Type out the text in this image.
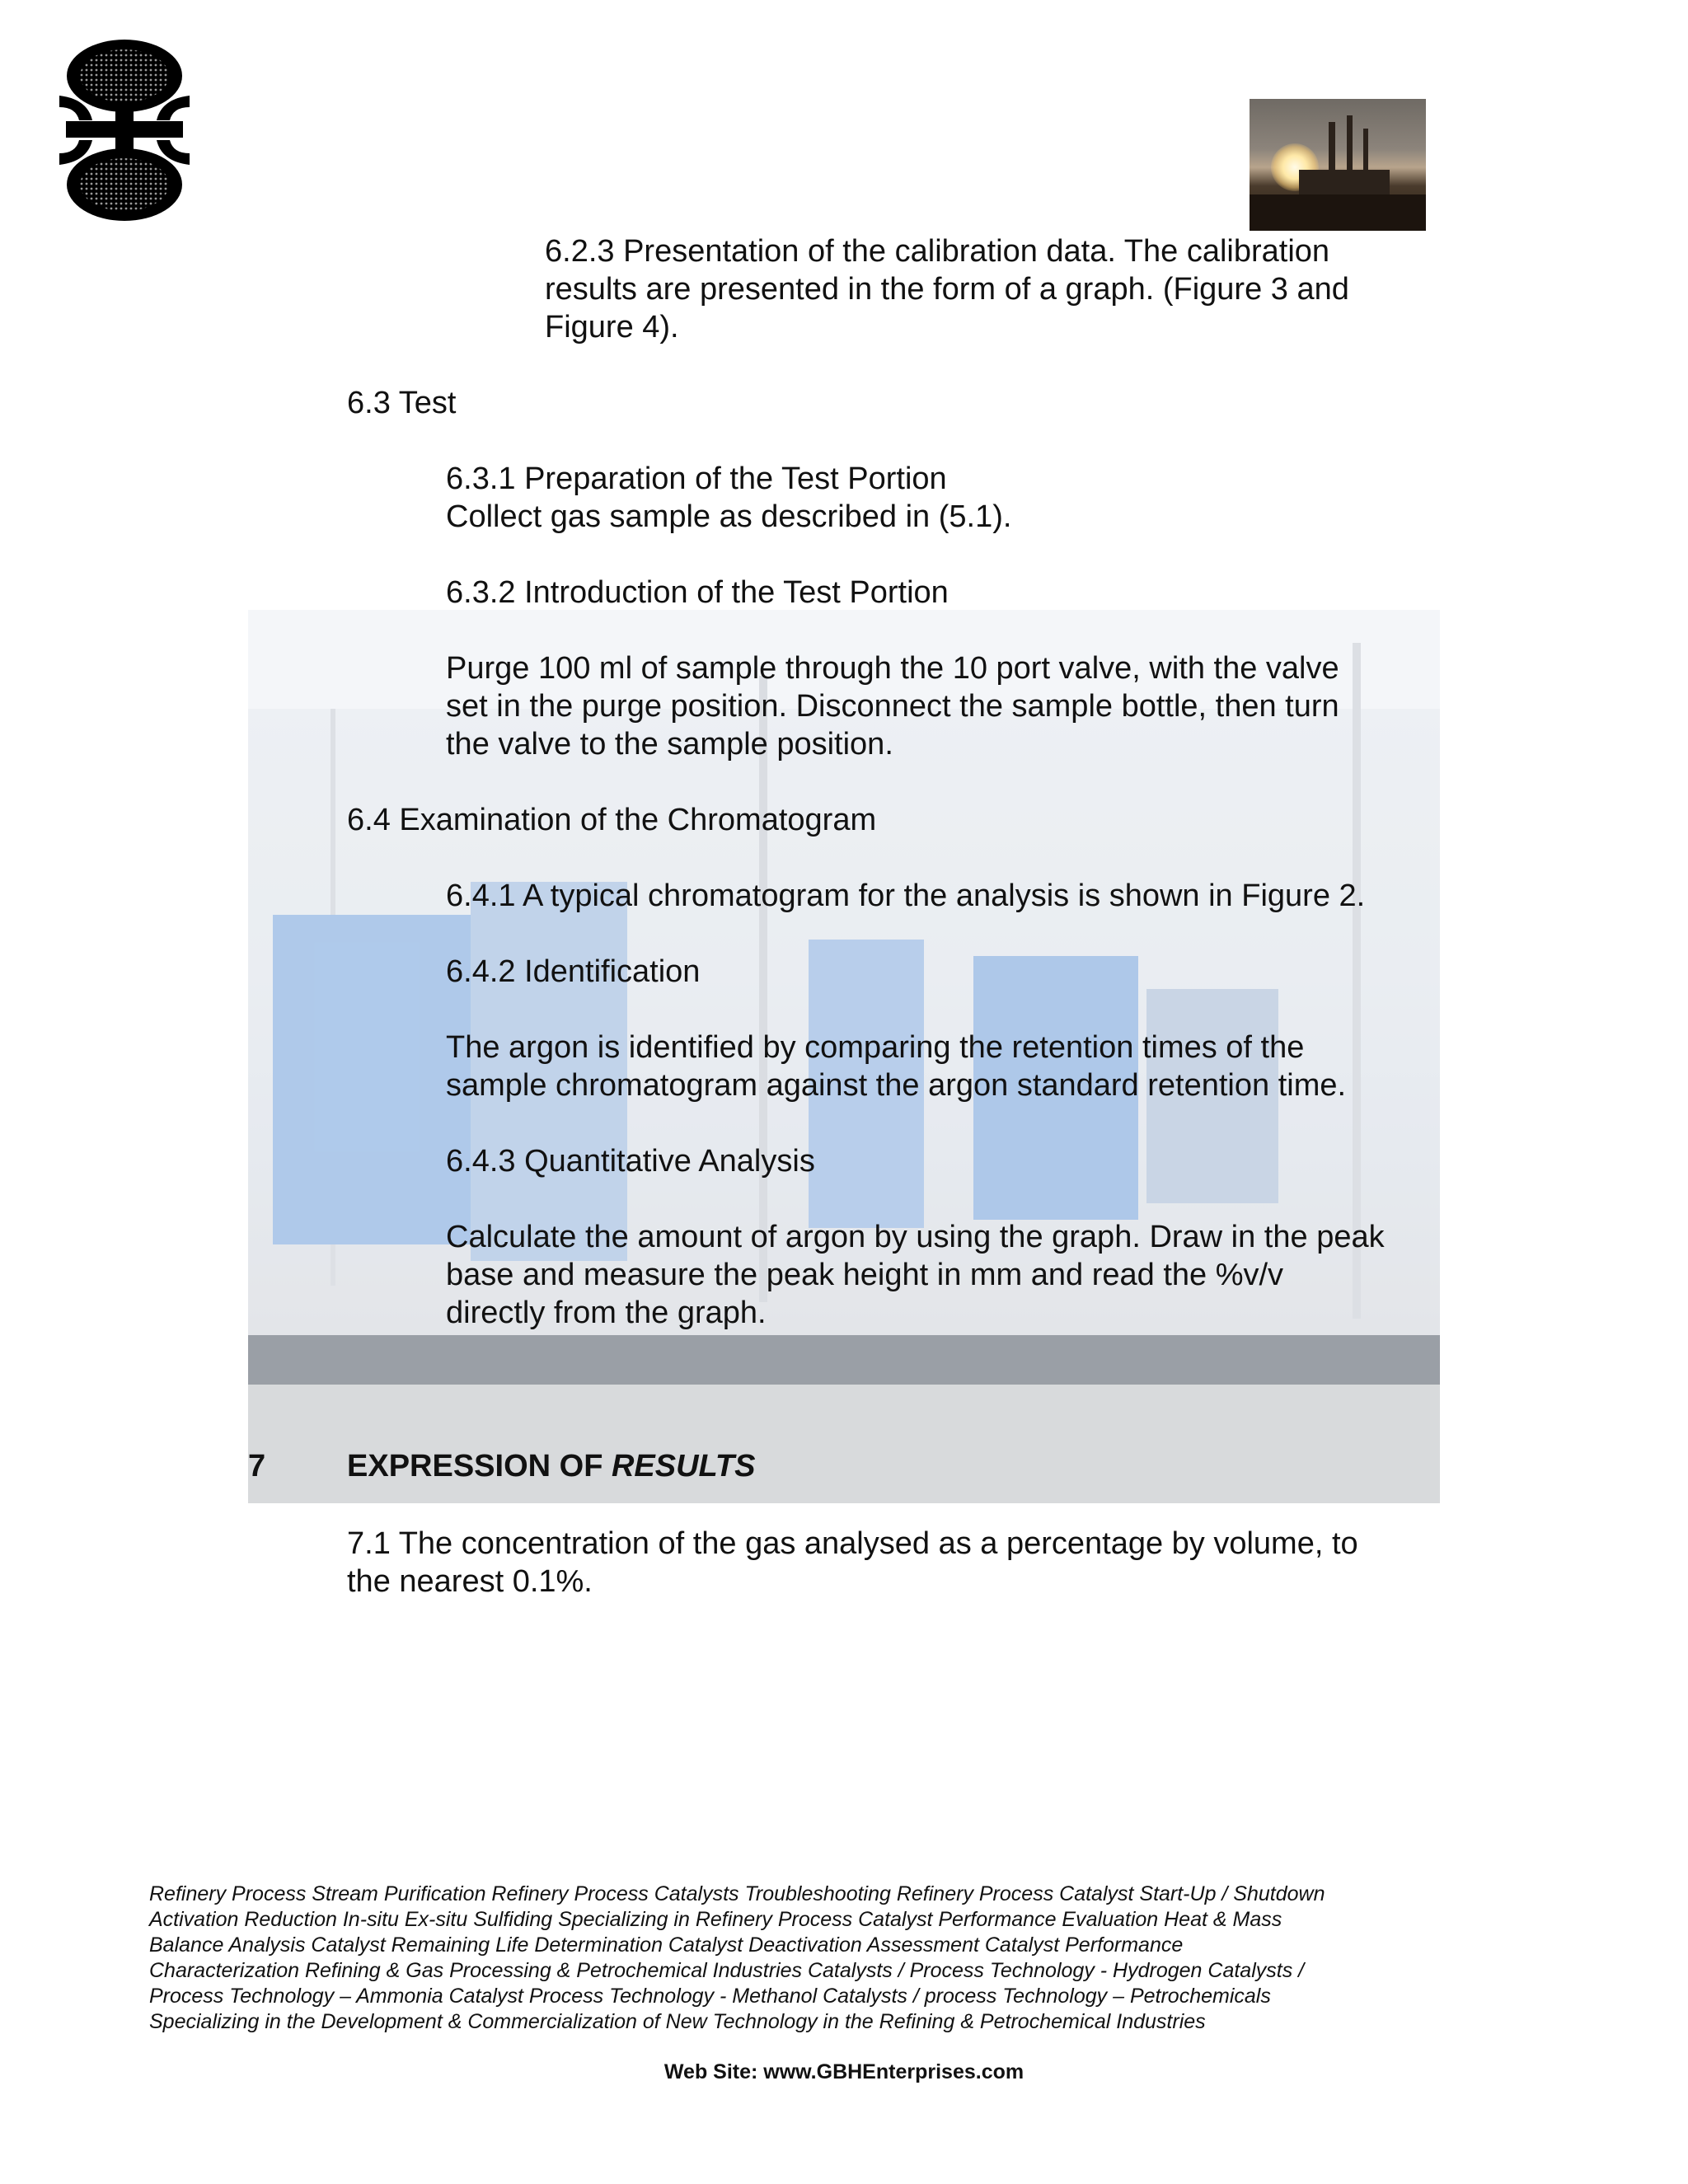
6.2.3 Presentation of the calibration data. The calibration

results are presented in the form of a graph. (Figure 3 and

Figure 4).

6.3 Test

6.3.1 Preparation of the Test Portion

Collect gas sample as described in (5.1).

6.3.2 Introduction of the Test Portion

Purge 100 ml of sample through the 10 port valve, with the valve

set in the purge position. Disconnect the sample bottle, then turn

the valve to the sample position.

6.4 Examination of the Chromatogram

6.4.1 A typical chromatogram for the analysis is shown in Figure 2.

6.4.2 Identification

The argon is identified by comparing the retention times of the

sample chromatogram against the argon standard retention time.

6.4.3 Quantitative Analysis

Calculate the amount of argon by using the graph. Draw in the peak

base and measure the peak height in mm and read the %v/v

directly from the graph.

7	EXPRESSION OF RESULTS

7.1 The concentration of the gas analysed as a percentage by volume, to

the nearest 0.1%.

Refinery Process Stream Purification Refinery Process Catalysts Troubleshooting Refinery Process Catalyst Start-Up / Shutdown
Activation Reduction In-situ Ex-situ Sulfiding Specializing in Refinery Process Catalyst Performance Evaluation Heat & Mass
Balance Analysis Catalyst Remaining Life Determination Catalyst Deactivation Assessment Catalyst Performance
Characterization Refining & Gas Processing & Petrochemical Industries Catalysts / Process Technology - Hydrogen Catalysts /
Process Technology – Ammonia Catalyst Process Technology - Methanol Catalysts / process Technology – Petrochemicals
Specializing in the Development & Commercialization of New Technology in the Refining & Petrochemical Industries
Web Site: www.GBHEnterprises.com
